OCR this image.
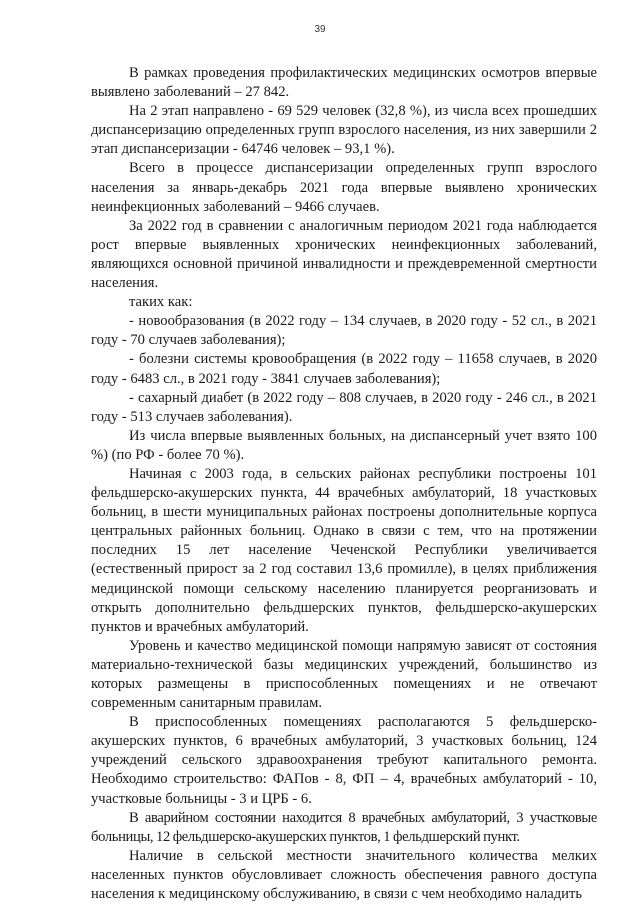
39

В рамках проведения профилактических медицинских осмотров впервые выявлено заболеваний – 27 842.

На 2 этап направлено - 69 529 человек (32,8 %), из числа всех прошедших диспансеризацию определенных групп взрослого населения, из них завершили 2 этап диспансеризации - 64746 человек – 93,1 %).

Всего в процессе диспансеризации определенных групп взрослого населения за январь-декабрь 2021 года впервые выявлено хронических неинфекционных заболеваний – 9466 случаев.

За 2022 год в сравнении с аналогичным периодом 2021 года наблюдается рост впервые выявленных хронических неинфекционных заболеваний, являющихся основной причиной инвалидности и преждевременной смертности населения.

таких как:

- новообразования (в 2022 году – 134 случаев, в 2020 году - 52 сл., в 2021 году - 70 случаев заболевания);

- болезни системы кровообращения (в 2022 году – 11658 случаев, в 2020 году - 6483 сл., в 2021 году - 3841 случаев заболевания);

- сахарный диабет (в 2022 году – 808 случаев, в 2020 году - 246 сл., в 2021 году - 513 случаев заболевания).

Из числа впервые выявленных больных, на диспансерный учет взято 100 %) (по РФ - более 70 %).

Начиная с 2003 года, в сельских районах республики построены 101 фельдшерско-акушерских пункта, 44 врачебных амбулаторий, 18 участковых больниц, в шести муниципальных районах построены дополнительные корпуса центральных районных больниц. Однако в связи с тем, что на протяжении последних 15 лет население Чеченской Республики увеличивается (естественный прирост за 2 год составил 13,6 промилле), в целях приближения медицинской помощи сельскому населению планируется реорганизовать и открыть дополнительно фельдшерских пунктов, фельдшерско-акушерских пунктов и врачебных амбулаторий.

Уровень и качество медицинской помощи напрямую зависят от состояния материально-технической базы медицинских учреждений, большинство из которых размещены в приспособленных помещениях и не отвечают современным санитарным правилам.

В приспособленных помещениях располагаются 5 фельдшерско-акушерских пунктов, 6 врачебных амбулаторий, 3 участковых больниц, 124 учреждений сельского здравоохранения требуют капитального ремонта. Необходимо строительство: ФАПов - 8, ФП – 4, врачебных амбулаторий - 10, участковые больницы - 3 и ЦРБ - 6.

В аварийном состоянии находится 8 врачебных амбулаторий, 3 участковые больницы, 12 фельдшерско-акушерских пунктов, 1 фельдшерский пункт.

Наличие в сельской местности значительного количества мелких населенных пунктов обусловливает сложность обеспечения равного доступа населения к медицинскому обслуживанию, в связи с чем необходимо наладить
